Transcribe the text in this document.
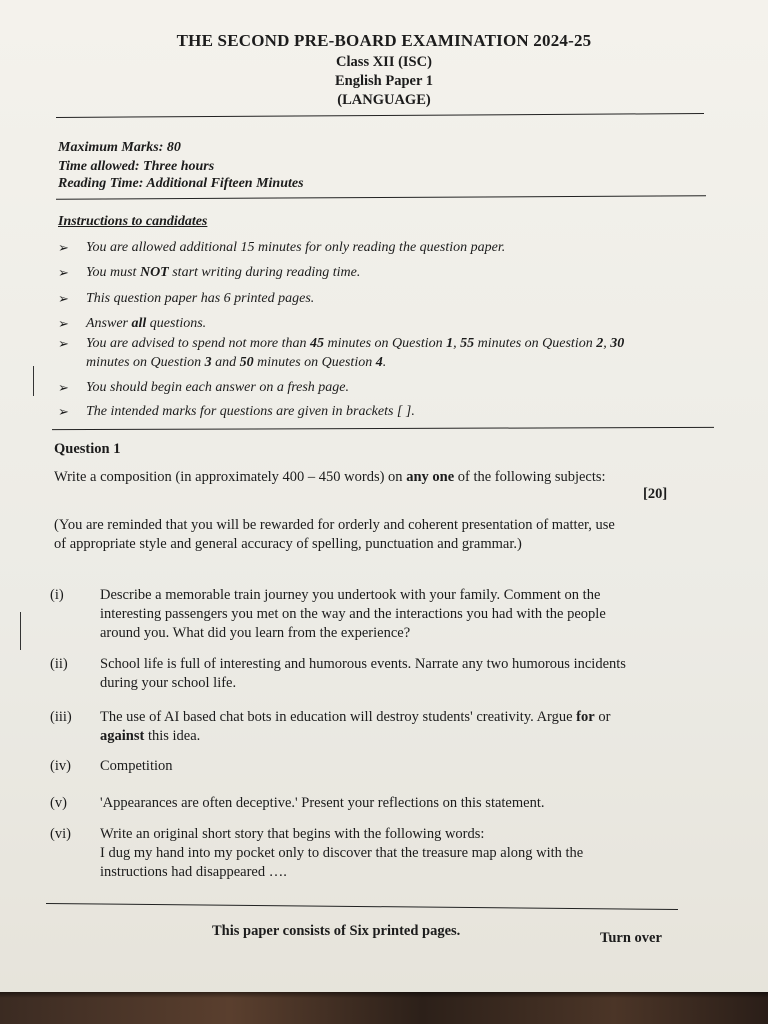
THE SECOND PRE-BOARD EXAMINATION 2024-25
Class XII (ISC)
English Paper 1
(LANGUAGE)
Maximum Marks: 80
Time allowed: Three hours
Reading Time: Additional Fifteen Minutes
Instructions to candidates
➢ You are allowed additional 15 minutes for only reading the question paper.
➢ You must NOT start writing during reading time.
➢ This question paper has 6 printed pages.
➢ Answer all questions.
➢ You are advised to spend not more than 45 minutes on Question 1, 55 minutes on Question 2, 30 minutes on Question 3 and 50 minutes on Question 4.
➢ You should begin each answer on a fresh page.
➢ The intended marks for questions are given in brackets [ ].
Question 1
Write a composition (in approximately 400 – 450 words) on any one of the following subjects:
[20]
(You are reminded that you will be rewarded for orderly and coherent presentation of matter, use of appropriate style and general accuracy of spelling, punctuation and grammar.)
(i)	Describe a memorable train journey you undertook with your family. Comment on the interesting passengers you met on the way and the interactions you had with the people around you. What did you learn from the experience?
(ii) School life is full of interesting and humorous events. Narrate any two humorous incidents during your school life.
(iii) The use of AI based chat bots in education will destroy students' creativity. Argue for or against this idea.
(iv) Competition
(v) 'Appearances are often deceptive.' Present your reflections on this statement.
(vi) Write an original short story that begins with the following words:
I dug my hand into my pocket only to discover that the treasure map along with the instructions had disappeared ….
This paper consists of Six printed pages.	Turn over
